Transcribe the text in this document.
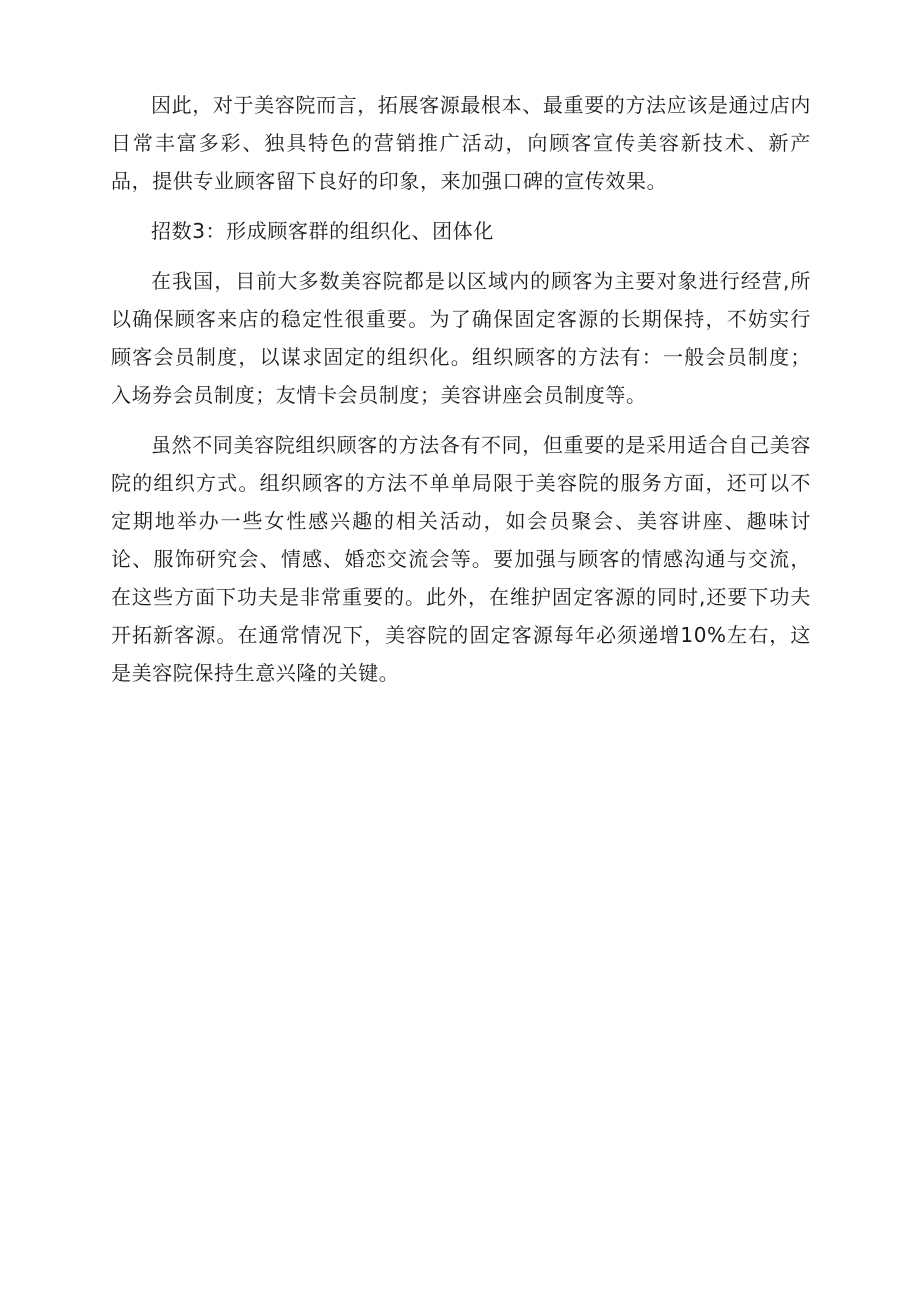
因此，对于美容院而言，拓展客源最根本、最重要的方法应该是通过店内日常丰富多彩、独具特色的营销推广活动，向顾客宣传美容新技术、新产品，提供专业顾客留下良好的印象，来加强口碑的宣传效果。

招数3：形成顾客群的组织化、团体化

在我国，目前大多数美容院都是以区域内的顾客为主要对象进行经营,所以确保顾客来店的稳定性很重要。为了确保固定客源的长期保持，不妨实行顾客会员制度，以谋求固定的组织化。组织顾客的方法有：一般会员制度；入场券会员制度；友情卡会员制度；美容讲座会员制度等。

虽然不同美容院组织顾客的方法各有不同，但重要的是采用适合自己美容院的组织方式。组织顾客的方法不单单局限于美容院的服务方面，还可以不定期地举办一些女性感兴趣的相关活动，如会员聚会、美容讲座、趣味讨论、服饰研究会、情感、婚恋交流会等。要加强与顾客的情感沟通与交流，在这些方面下功夫是非常重要的。此外，在维护固定客源的同时,还要下功夫开拓新客源。在通常情况下，美容院的固定客源每年必须递增10%左右，这是美容院保持生意兴隆的关键。
